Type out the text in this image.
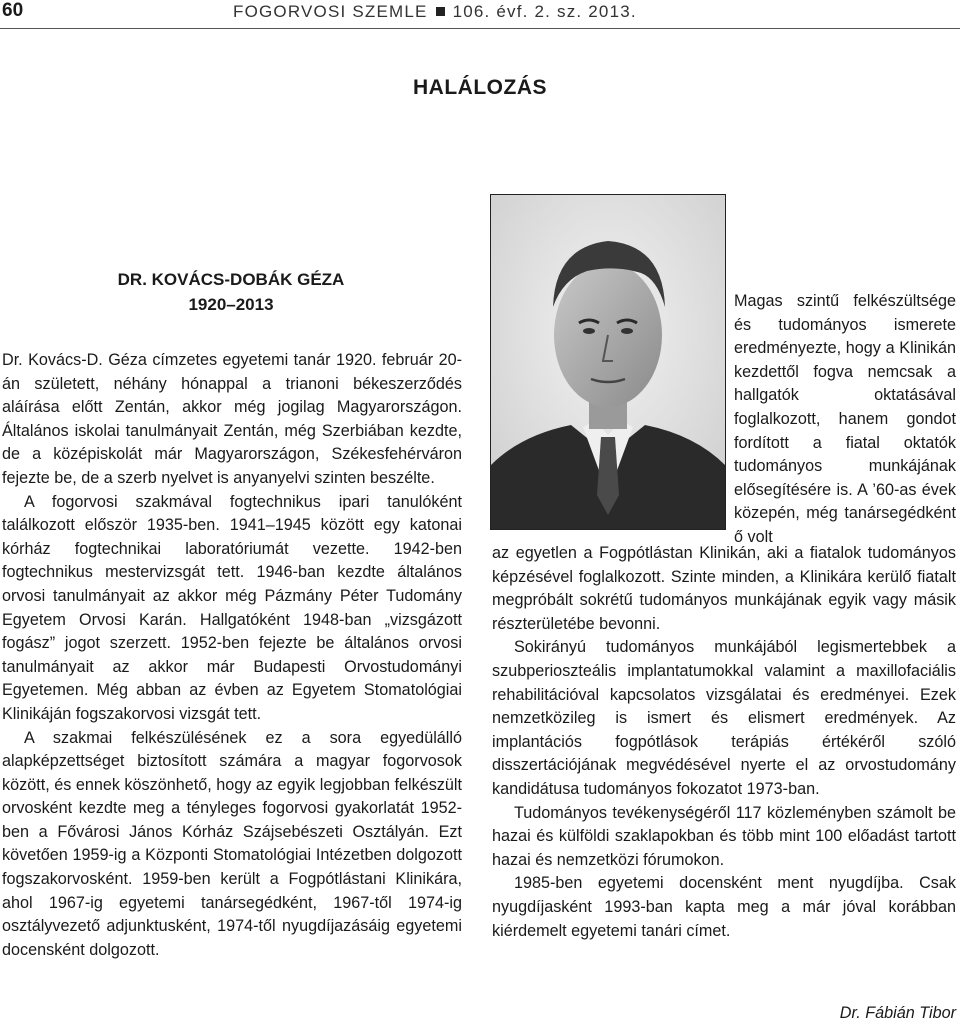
60	FOGORVOSI SZEMLE 106. évf. 2. sz. 2013.
HALÁLOZÁS
DR. KOVÁCS-DOBÁK GÉZA
1920–2013

Dr. Kovács-D. Géza címzetes egyetemi tanár 1920. február 20-án született, néhány hónappal a trianoni békeszerződés aláírása előtt Zentán, akkor még jogilag Magyarországon. Általános iskolai tanulmányait Zentán, még Szerbiában kezdte, de a középiskolát már Magyarországon, Székesfehérváron fejezte be, de a szerb nyelvet is anyanyelvi szinten beszélte.

A fogorvosi szakmával fogtechnikus ipari tanulóként találkozott először 1935-ben. 1941–1945 között egy katonai kórház fogtechnikai laboratóriumát vezette. 1942-ben fogtechnikus mestervizsgát tett. 1946-ban kezdte általános orvosi tanulmányait az akkor még Pázmány Péter Tudomány Egyetem Orvosi Karán. Hallgatóként 1948-ban „vizsgázott fogász” jogot szerzett. 1952-ben fejezte be általános orvosi tanulmányait az akkor már Budapesti Orvostudományi Egyetemen. Még abban az évben az Egyetem Stomatológiai Klinikáján fogszakorvosi vizsgát tett.

A szakmai felkészülésének ez a sora egyedülálló alapképzettséget biztosított számára a magyar fogorvosok között, és ennek köszönhető, hogy az egyik legjobban felkészült orvosként kezdte meg a tényleges fogorvosi gyakorlatát 1952-ben a Fővárosi János Kórház Szájsebészeti Osztályán. Ezt követően 1959-ig a Központi Stomatológiai Intézetben dolgozott fogszakorvosként. 1959-ben került a Fogpótlástani Klinikára, ahol 1967-ig egyetemi tanársegédként, 1967-től 1974-ig osztályvezető adjunktusként, 1974-től nyugdíjazásáig egyetemi docensként dolgozott.

Magas szintű felkészültsége és tudományos ismerete eredményezte, hogy a Klinikán kezdettől fogva nemcsak a hallgatók oktatásával foglalkozott, hanem gondot fordított a fiatal oktatók tudományos munkájának elősegítésére is. A ’60-as évek közepén, még tanársegédként ő volt

az egyetlen a Fogpótlástan Klinikán, aki a fiatalok tudományos képzésével foglalkozott. Szinte minden, a Klinikára kerülő fiatalt megpróbált sokrétű tudományos munkájának egyik vagy másik részterületébe bevonni.

Sokirányú tudományos munkájából legismertebbek a szubperioszteális implantatumokkal valamint a maxillofaciális rehabilitációval kapcsolatos vizsgálatai és eredményei. Ezek nemzetközileg is ismert és elismert eredmények. Az implantációs fogpótlások terápiás értékéről szóló disszertációjának megvédésével nyerte el az orvostudomány kandidátusa tudományos fokozatot 1973-ban.

Tudományos tevékenységéről 117 közleményben számolt be hazai és külföldi szaklapokban és több mint 100 előadást tartott hazai és nemzetközi fórumokon.

1985-ben egyetemi docensként ment nyugdíjba. Csak nyugdíjasként 1993-ban kapta meg a már jóval korábban kiérdemelt egyetemi tanári címet.

Dr. Fábián Tibor
